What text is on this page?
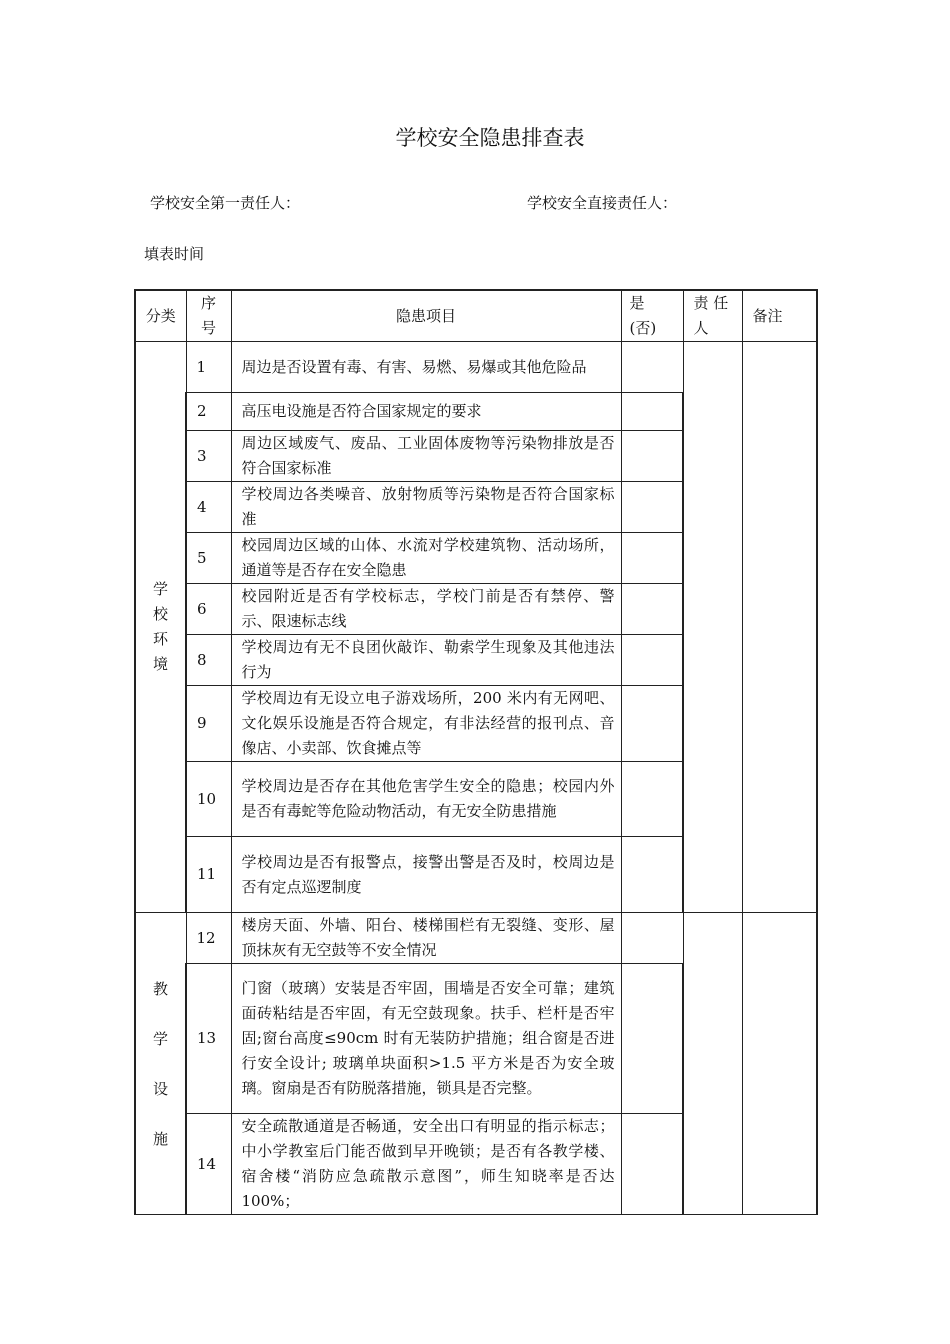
学校安全隐患排查表
学校安全第一责任人：	学校安全直接责任人：
填表时间
分类	序号	隐患项目	是(否)	责 任人	备注
学校环境	1	周边是否设置有毒、有害、易燃、易爆或其他危险品			
	2	高压电设施是否符合国家规定的要求			
	3	周边区域废气、废品、工业固体废物等污染物排放是否符合国家标准			
	4	学校周边各类噪音、放射物质等污染物是否符合国家标准			
	5	校园周边区域的山体、水流对学校建筑物、活动场所，通道等是否存在安全隐患			
	6	校园附近是否有学校标志，学校门前是否有禁停、警示、限速标志线			
	8	学校周边有无不良团伙敲诈、勒索学生现象及其他违法行为			
	9	学校周边有无设立电子游戏场所，200 米内有无网吧、文化娱乐设施是否符合规定，有非法经营的报刊点、音像店、小卖部、饮食摊点等			
	10	学校周边是否存在其他危害学生安全的隐患；校园内外是否有毒蛇等危险动物活动，有无安全防患措施			
	11	学校周边是否有报警点，接警出警是否及时，校周边是否有定点巡逻制度			
教学设施	12	楼房天面、外墙、阳台、楼梯围栏有无裂缝、变形、屋顶抹灰有无空鼓等不安全情况			
	13	门窗（玻璃）安装是否牢固，围墙是否安全可靠；建筑面砖粘结是否牢固，有无空鼓现象。扶手、栏杆是否牢固;窗台高度≤90cm 时有无装防护措施；组合窗是否进行安全设计; 玻璃单块面积>1.5 平方米是否为安全玻璃。窗扇是否有防脱落措施，锁具是否完整。			
	14	安全疏散通道是否畅通，安全出口有明显的指示标志；中小学教室后门能否做到早开晚锁；是否有各教学楼、宿舍楼“消防应急疏散示意图”，师生知晓率是否达 100%；			
